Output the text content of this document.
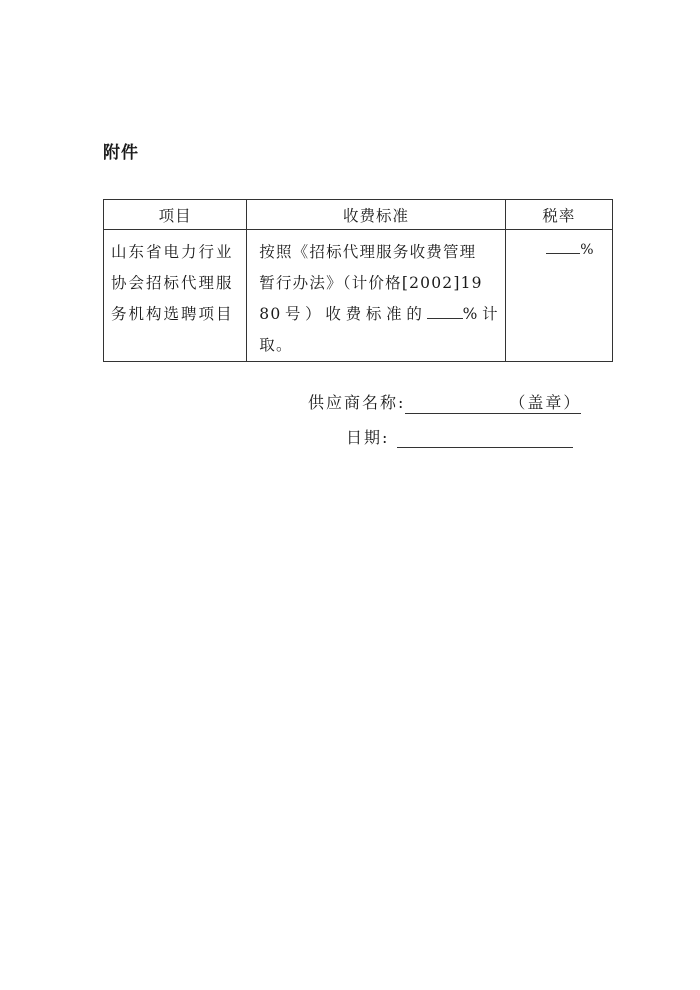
附件
项目	收费标准	税率

山东省电力行业
协会招标代理服
务机构选聘项目	按照《招标代理服务收费管理
暂行办法》（计价格[2002]19
80号）收费标准的 %计取。	%
供应商名称:	（盖章）
日期:
